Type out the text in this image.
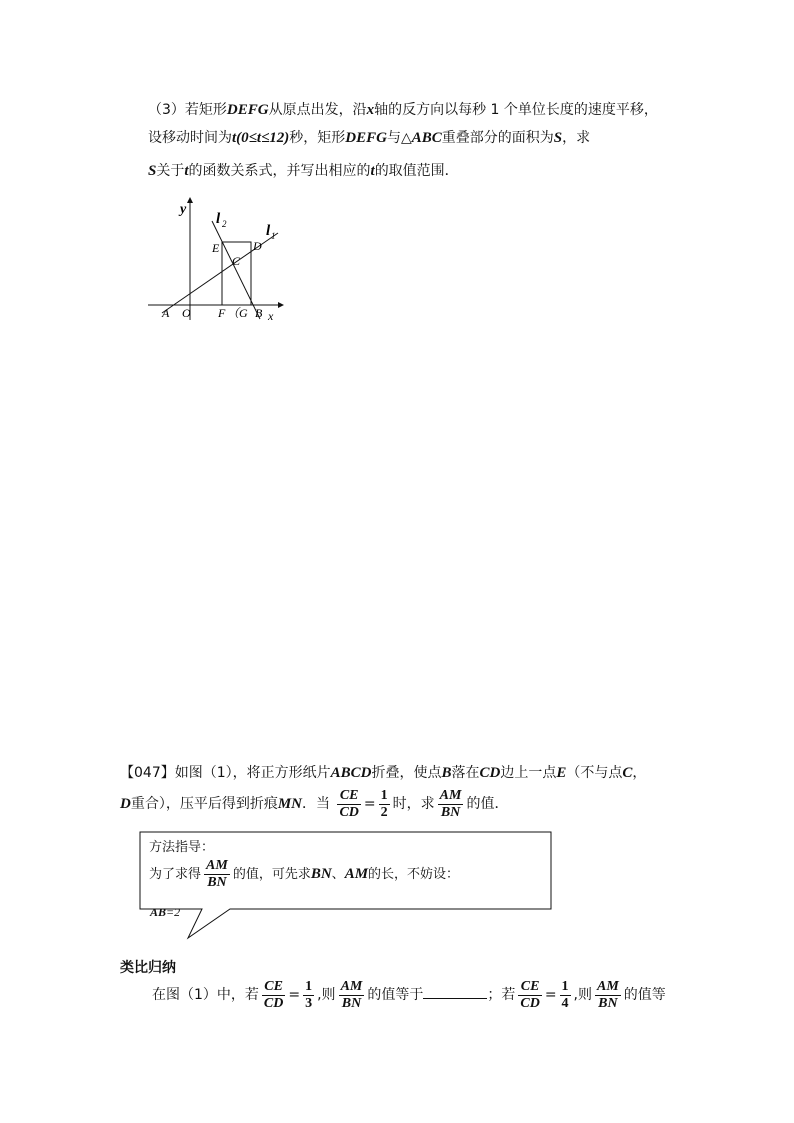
（3）若矩形DEFG从原点出发，沿x轴的反方向以每秒 1 个单位长度的速度平移，
设移动时间为t(0≤t≤12)秒，矩形DEFG与△ABC重叠部分的面积为S，求
S关于t的函数关系式，并写出相应的t的取值范围．
y
x
l 2	l 1
E	D
C
A O F （G B
【047】如图（1），将正方形纸片ABCD折叠，使点B落在CD边上一点E（不与点C，
D重合），压平后得到折痕MN．当 $\frac{CE}{CD} = \frac{1}{2}$ 时，求 $\frac{AM}{BN}$ 的值．
方法指导：
为了求得 $\frac{AM}{BN}$ 的值，可先求BN、AM的长，不妨设：
AB=2
类比归纳
在图（1）中，若 $\frac{CE}{CD} = \frac{1}{3}$ ,则 $\frac{AM}{BN}$ 的值等于	；若 $\frac{CE}{CD} = \frac{1}{4}$ ,则 $\frac{AM}{BN}$ 的值等
